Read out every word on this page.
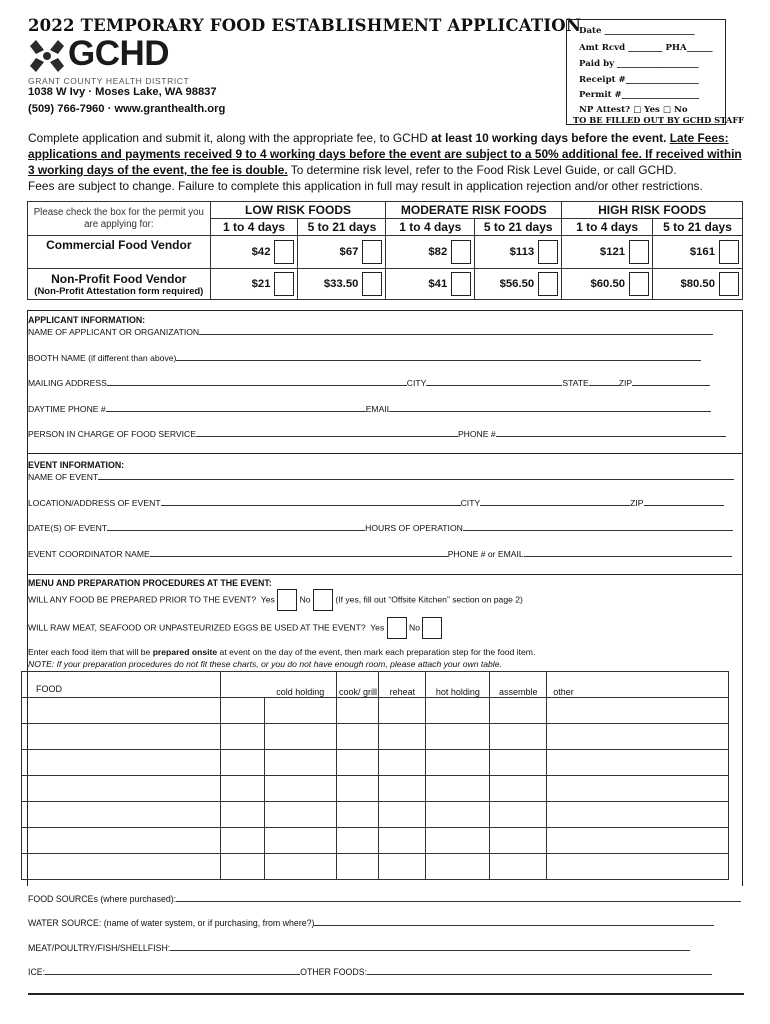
2022 TEMPORARY FOOD ESTABLISHMENT APPLICATION
GCHD
GRANT COUNTY HEALTH DISTRICT
1038 W Ivy · Moses Lake, WA 98837
(509) 766-7960 · www.granthealth.org
Date _____________________
Amt Rcvd ________ PHA______
Paid by ___________________
Receipt #_________________
Permit #__________________
NP Attest? □ Yes □ No
TO BE FILLED OUT BY GCHD STAFF
Complete application and submit it, along with the appropriate fee, to GCHD at least 10 working days before the event. Late Fees: applications and payments received 9 to 4 working days before the event are subject to a 50% additional fee. If received within 3 working days of the event, the fee is double. To determine risk level, refer to the Food Risk Level Guide, or call GCHD.
Fees are subject to change. Failure to complete this application in full may result in application rejection and/or other restrictions.
Please check the box for the permit you are applying for:	LOW RISK FOODS		MODERATE RISK FOODS		HIGH RISK FOODS	
	1 to 4 days	5 to 21 days	1 to 4 days	5 to 21 days	1 to 4 days	5 to 21 days
Commercial Food Vendor	$42	$67	$82	$113	$121	$161

Non-Profit Food Vendor
(Non-Profit Attestation form required)	$21	$33.50	$41	$56.50	$60.50	$80.50
APPLICANT INFORMATION:
NAME OF APPLICANT OR ORGANIZATION
BOOTH NAME (if different than above)
MAILING ADDRESS	CITY	STATE	ZIP
DAYTIME PHONE #	EMAIL
PERSON IN CHARGE OF FOOD SERVICE	PHONE #
EVENT INFORMATION:
NAME OF EVENT
LOCATION/ADDRESS OF EVENT	CITY	ZIP
DATE(S) OF EVENT	HOURS OF OPERATION
EVENT COORDINATOR NAME	PHONE # or EMAIL
MENU AND PREPARATION PROCEDURES AT THE EVENT:
WILL ANY FOOD BE PREPARED PRIOR TO THE EVENT? Yes	No	(If yes, fill out “Offsite Kitchen” section on page 2)
WILL RAW MEAT, SEAFOOD OR UNPASTEURIZED EGGS BE USED AT THE EVENT? Yes	No
Enter each food item that will be prepared onsite at event on the day of the event, then mark each preparation step for the food item.
NOTE: If your preparation procedures do not fit these charts, or you do not have enough room, please attach your own table.
FOOD		cold holding	cook/ grill	reheat	hot holding	assemble	other

FOOD SOURCEs (where purchased):
WATER SOURCE: (name of water system, or if purchasing, from where?)
MEAT/POULTRY/FISH/SHELLFISH:
ICE:	OTHER FOODS:
